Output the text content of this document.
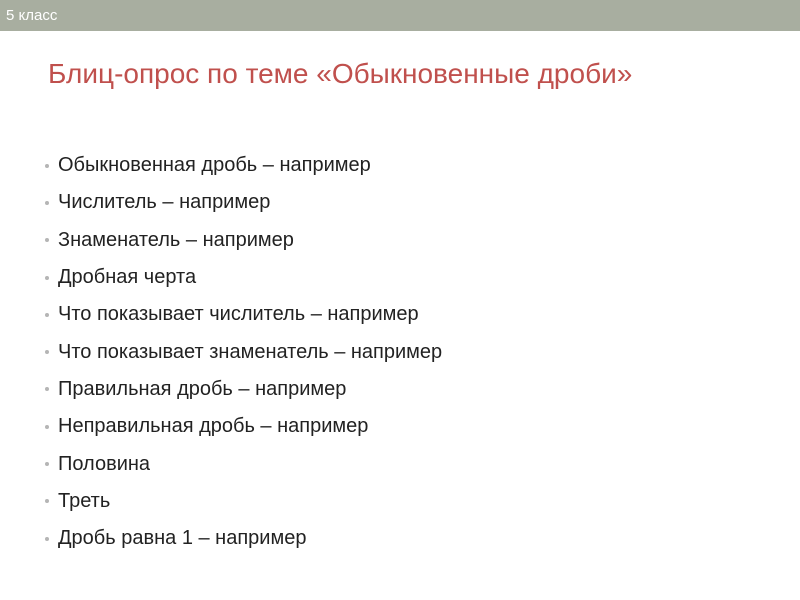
5 класс
Блиц-опрос по теме «Обыкновенные дроби»
Обыкновенная дробь – например
Числитель – например
Знаменатель – например
Дробная черта
Что показывает числитель – например
Что показывает знаменатель – например
Правильная дробь – например
Неправильная дробь – например
Половина
Треть
Дробь равна 1 – например
